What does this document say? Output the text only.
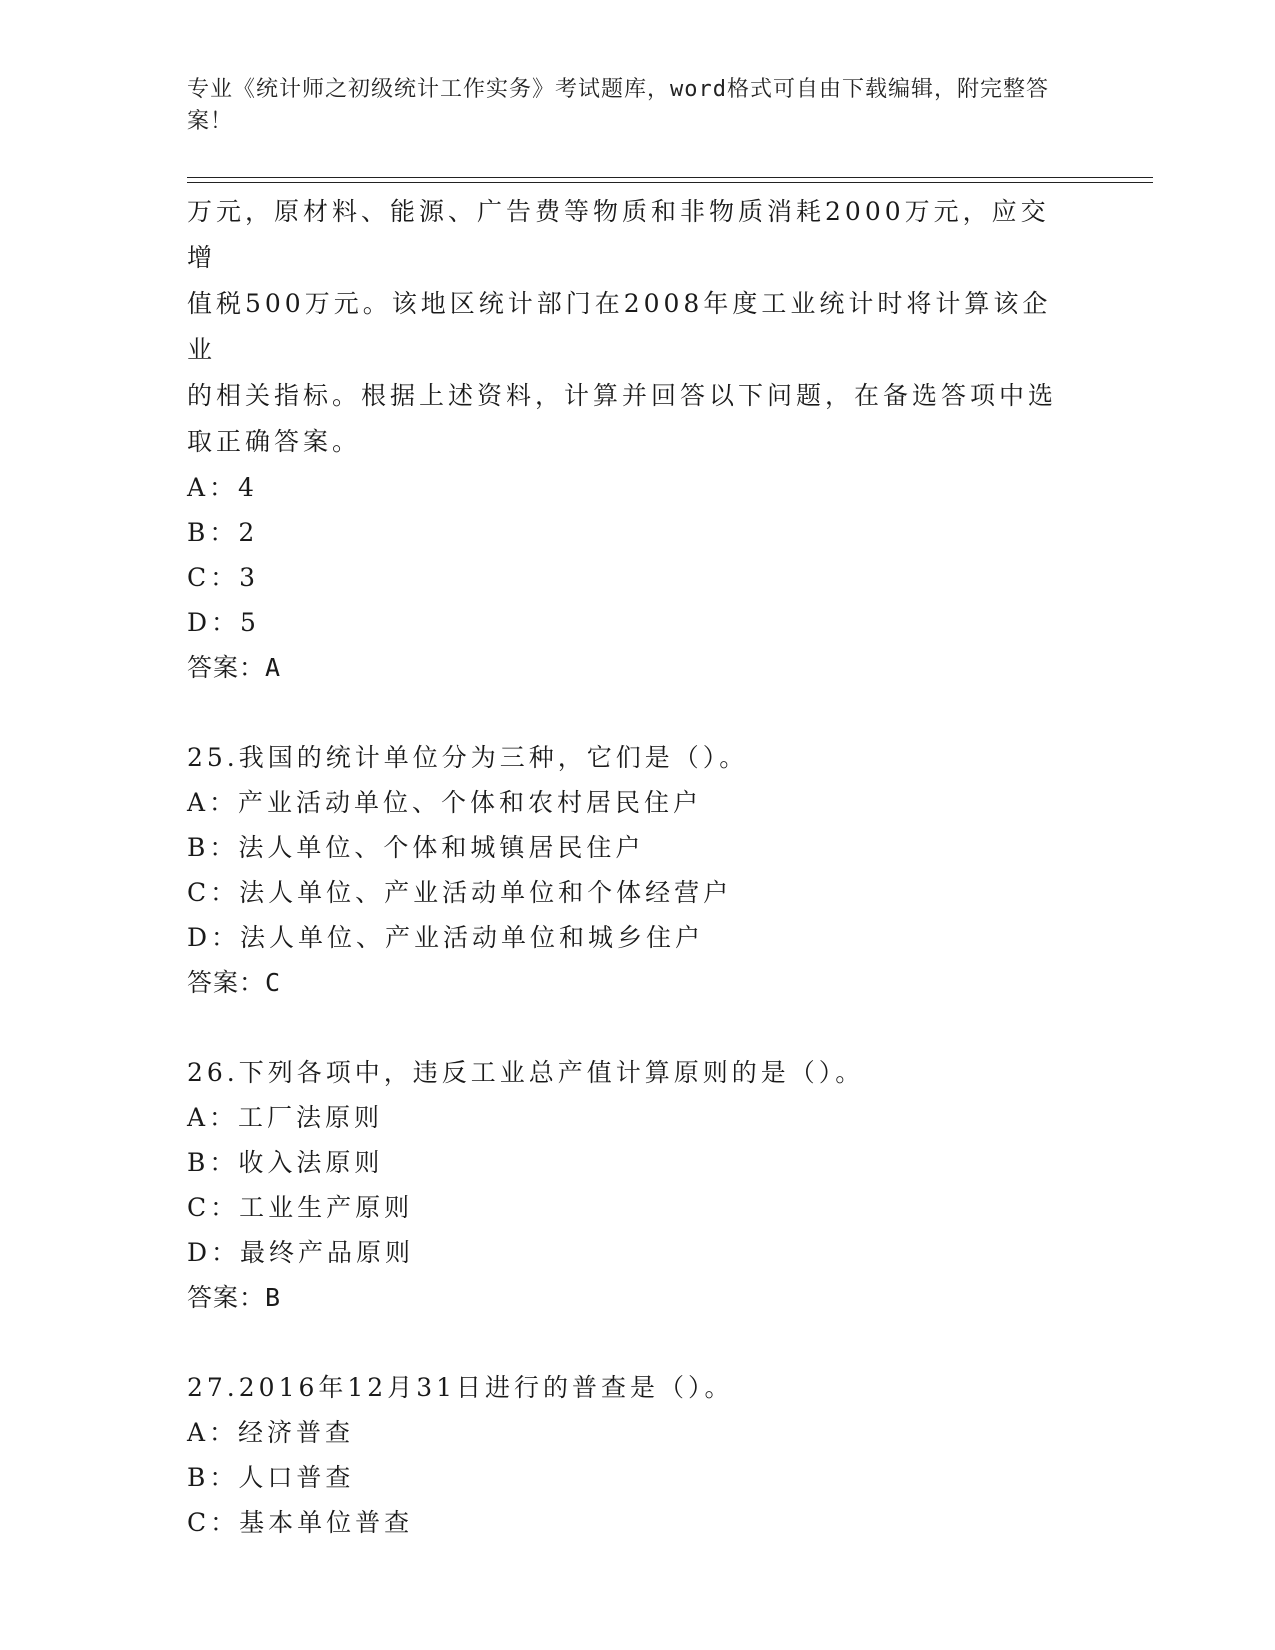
专业《统计师之初级统计工作实务》考试题库，word格式可自由下载编辑，附完整答案！
万元，原材料、能源、广告费等物质和非物质消耗2000万元，应交增
值税500万元。该地区统计部门在2008年度工业统计时将计算该企业
的相关指标。根据上述资料，计算并回答以下问题，在备选答项中选
取正确答案。
A：4
B：2
C：3
D：5
答案：A
25.我国的统计单位分为三种，它们是（）。
A：产业活动单位、个体和农村居民住户
B：法人单位、个体和城镇居民住户
C：法人单位、产业活动单位和个体经营户
D：法人单位、产业活动单位和城乡住户
答案：C
26.下列各项中，违反工业总产值计算原则的是（）。
A：工厂法原则
B：收入法原则
C：工业生产原则
D：最终产品原则
答案：B
27.2016年12月31日进行的普查是（）。
A：经济普查
B：人口普查
C：基本单位普查
